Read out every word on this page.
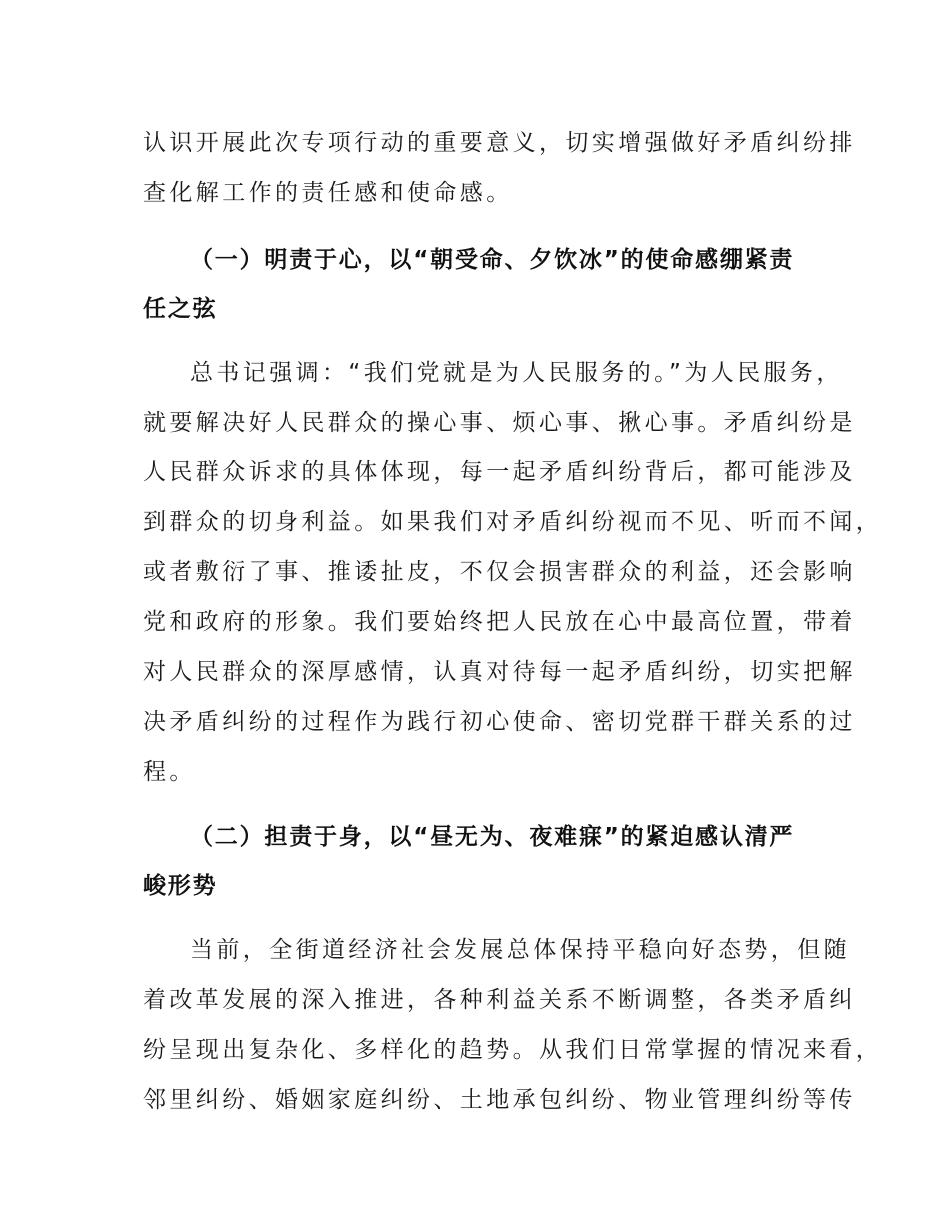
认识开展此次专项行动的重要意义，切实增强做好矛盾纠纷排
查化解工作的责任感和使命感。
（一）明责于心，以“朝受命、夕饮冰”的使命感绷紧责
任之弦
总书记强调：“我们党就是为人民服务的。”为人民服务，
就要解决好人民群众的操心事、烦心事、揪心事。矛盾纠纷是
人民群众诉求的具体体现，每一起矛盾纠纷背后，都可能涉及
到群众的切身利益。如果我们对矛盾纠纷视而不见、听而不闻，
或者敷衍了事、推诿扯皮，不仅会损害群众的利益，还会影响
党和政府的形象。我们要始终把人民放在心中最高位置，带着
对人民群众的深厚感情，认真对待每一起矛盾纠纷，切实把解
决矛盾纠纷的过程作为践行初心使命、密切党群干群关系的过
程。
（二）担责于身，以“昼无为、夜难寐”的紧迫感认清严
峻形势
当前，全街道经济社会发展总体保持平稳向好态势，但随
着改革发展的深入推进，各种利益关系不断调整，各类矛盾纠
纷呈现出复杂化、多样化的趋势。从我们日常掌握的情况来看，
邻里纠纷、婚姻家庭纠纷、土地承包纠纷、物业管理纠纷等传
